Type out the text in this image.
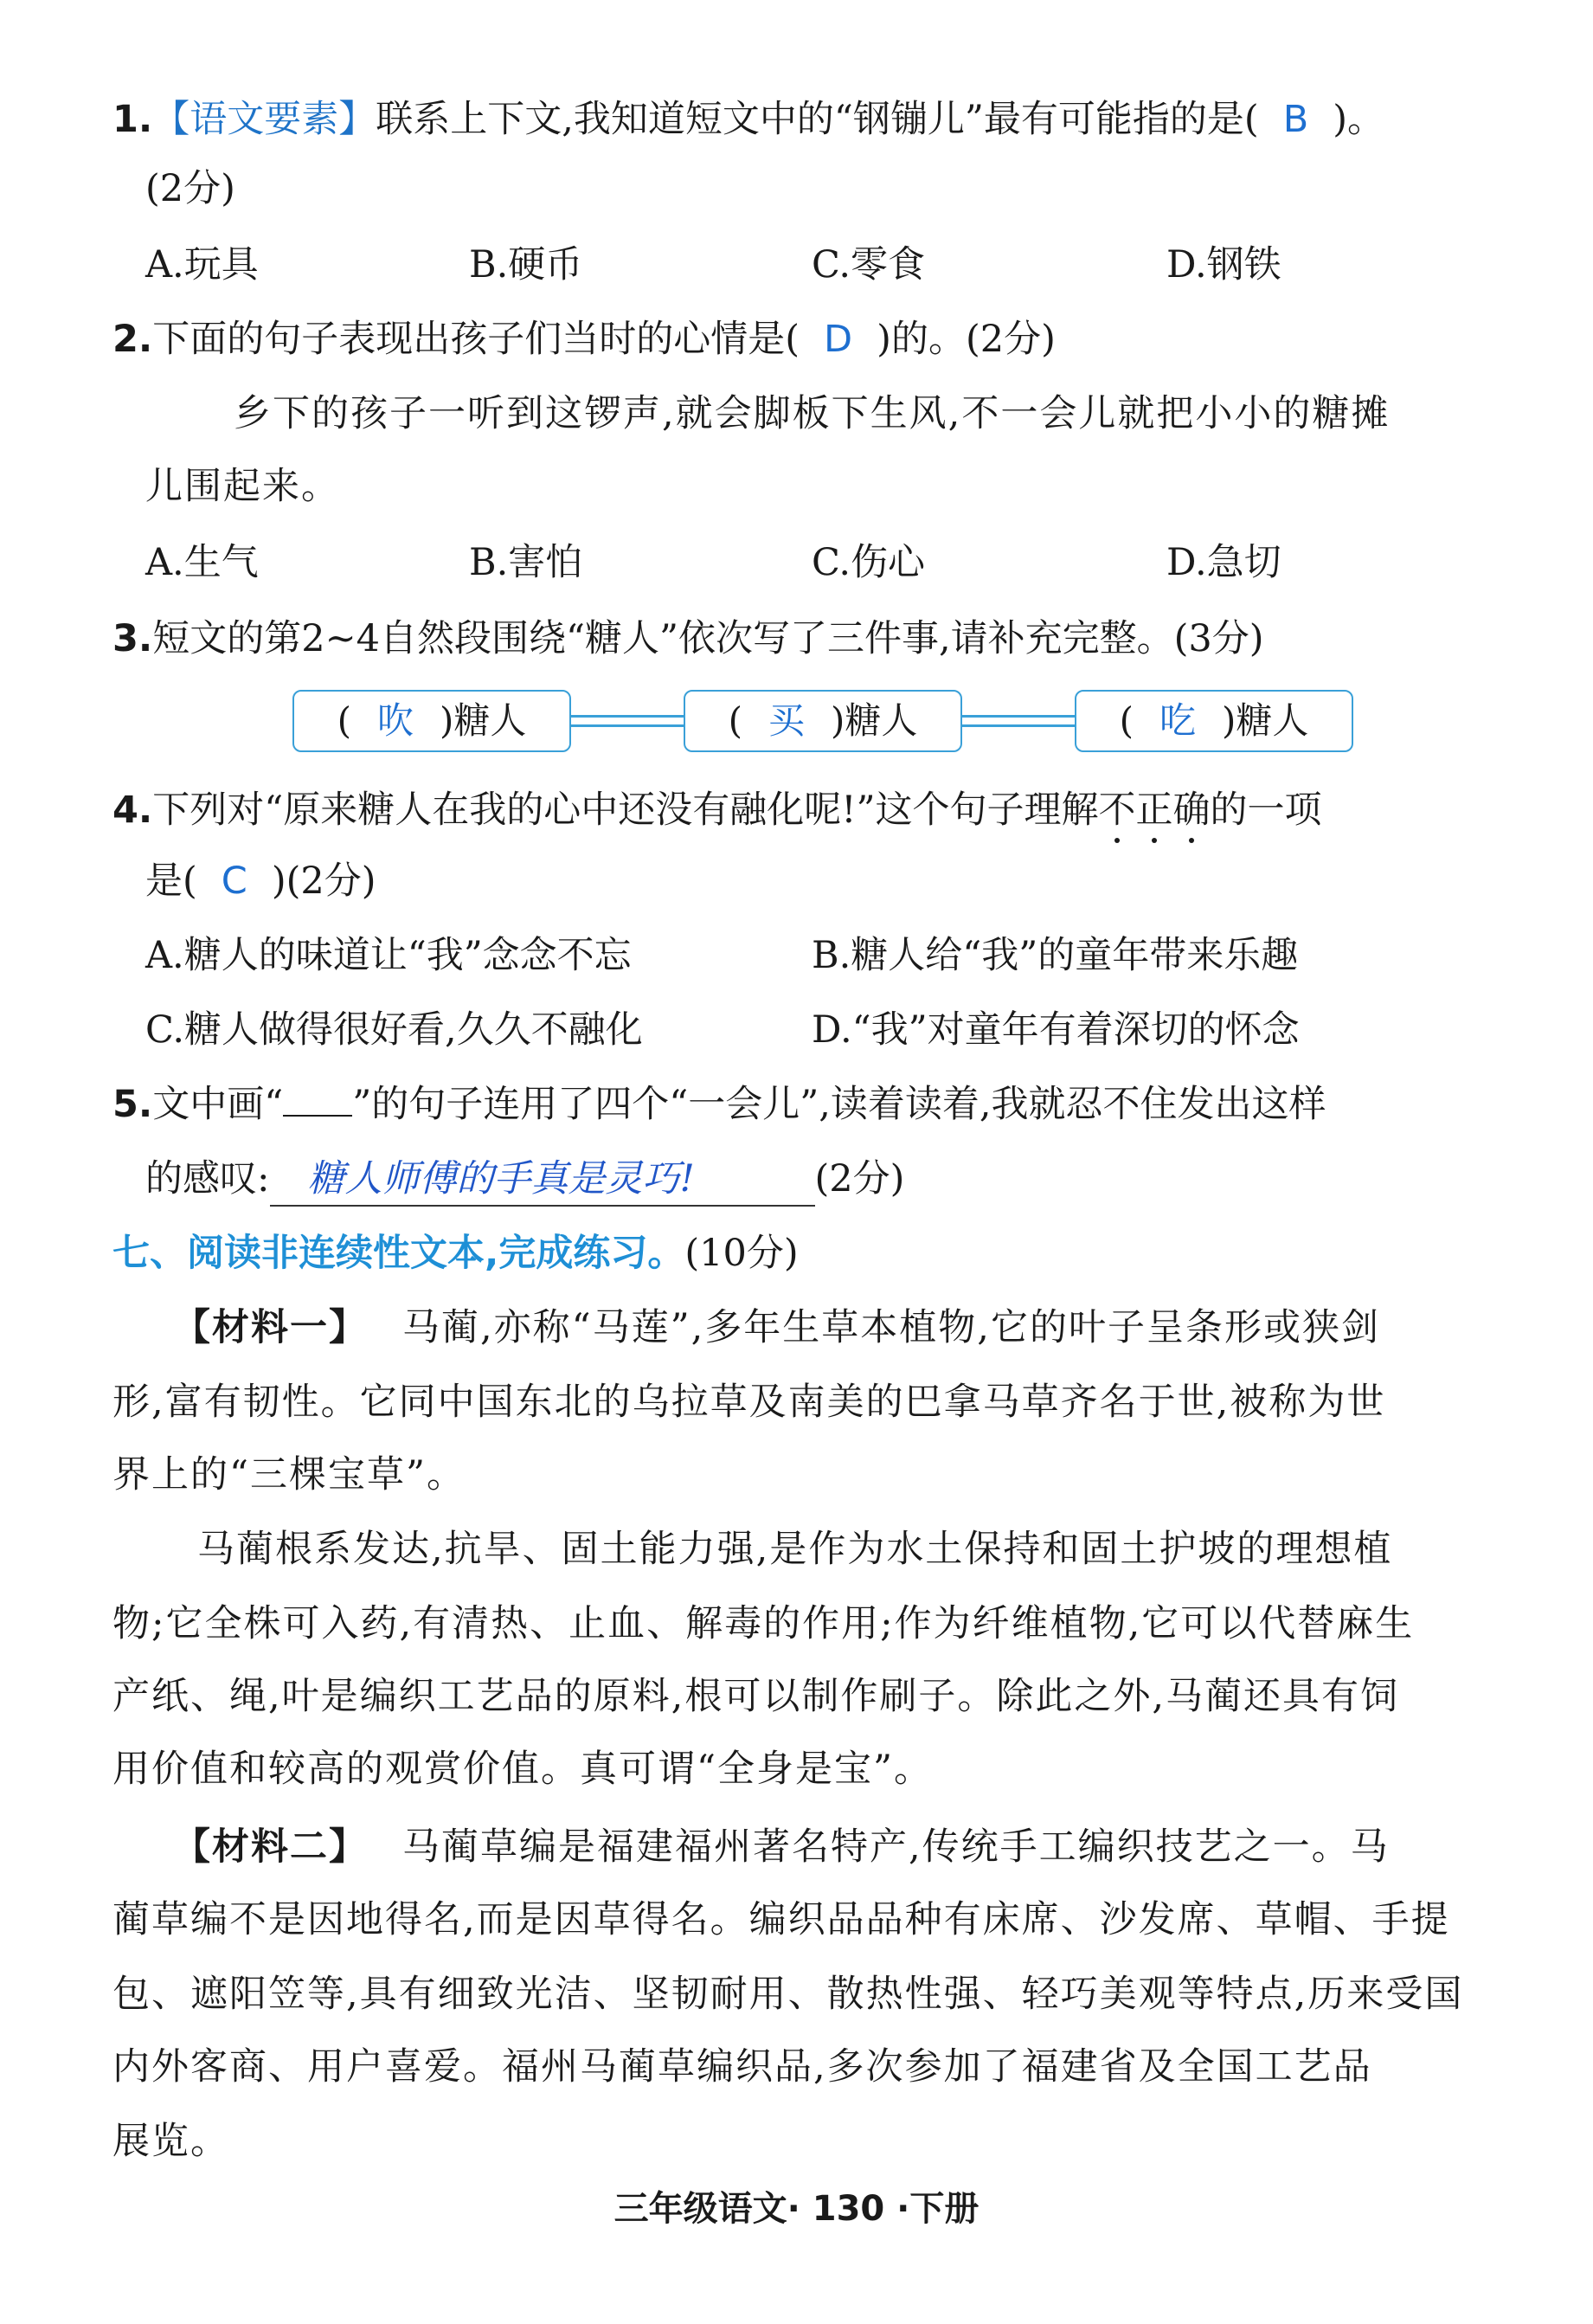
1.【语文要素】联系上下文,我知道短文中的“钢镚儿”最有可能指的是( B )。
(2分)
A.玩具	B.硬币	C.零食	D.钢铁
2.下面的句子表现出孩子们当时的心情是( D )的。(2分)
乡下的孩子一听到这锣声,就会脚板下生风,不一会儿就把小小的糖摊
儿围起来。
A.生气	B.害怕	C.伤心	D.急切
3.短文的第2~4自然段围绕“糖人”依次写了三件事,请补充完整。(3分)
( 吹 )糖人	( 买 )糖人	( 吃 )糖人
4.下列对“原来糖人在我的心中还没有融化呢!”这个句子理解不正确的一项
是( C )(2分)
A.糖人的味道让“我”念念不忘	B.糖人给“我”的童年带来乐趣
C.糖人做得很好看,久久不融化	D.“我”对童年有着深切的怀念
5.文中画“ ”的句子连用了四个“一会儿”,读着读着,我就忍不住发出这样
的感叹: 糖人师傅的手真是灵巧!	(2分)
七、阅读非连续性文本,完成练习。(10分)
【材料一】 马蔺,亦称“马莲”,多年生草本植物,它的叶子呈条形或狭剑
形,富有韧性。它同中国东北的乌拉草及南美的巴拿马草齐名于世,被称为世
界上的“三棵宝草”。
马蔺根系发达,抗旱、固土能力强,是作为水土保持和固土护坡的理想植
物;它全株可入药,有清热、止血、解毒的作用;作为纤维植物,它可以代替麻生
产纸、绳,叶是编织工艺品的原料,根可以制作刷子。除此之外,马蔺还具有饲
用价值和较高的观赏价值。真可谓“全身是宝”。
【材料二】 马蔺草编是福建福州著名特产,传统手工编织技艺之一。马
蔺草编不是因地得名,而是因草得名。编织品品种有床席、沙发席、草帽、手提
包、遮阳笠等,具有细致光洁、坚韧耐用、散热性强、轻巧美观等特点,历来受国
内外客商、用户喜爱。福州马蔺草编织品,多次参加了福建省及全国工艺品
展览。
三年级语文· 130 ·下册
